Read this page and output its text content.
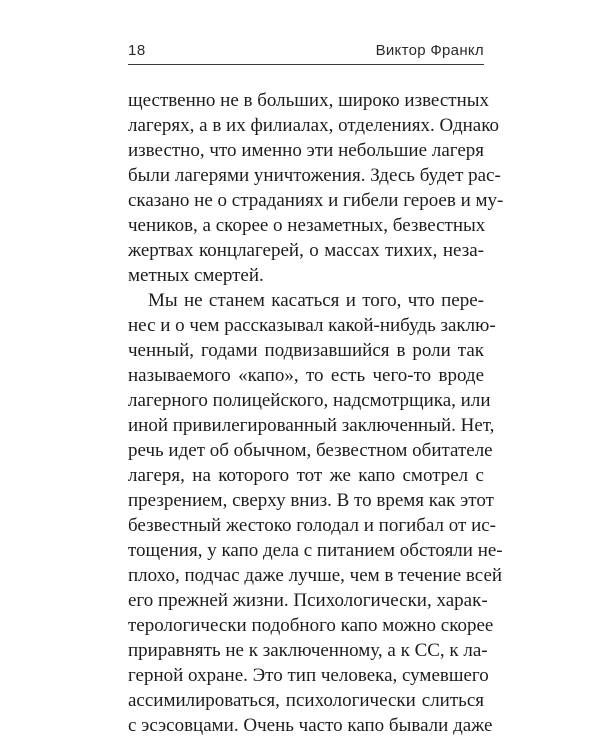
18	Виктор Франкл
щественно не в больших, широко известных
лагерях, а в их филиалах, отделениях. Однако
известно, что именно эти небольшие лагеря
были лагерями уничтожения. Здесь будет рас-
сказано не о страданиях и гибели героев и му-
чеников, а скорее о незаметных, безвестных
жертвах концлагерей, о массах тихих, неза-
метных смертей.
Мы не станем касаться и того, что пере-
нес и о чем рассказывал какой-нибудь заклю-
ченный, годами подвизавшийся в роли так
называемого «капо», то есть чего-то вроде
лагерного полицейского, надсмотрщика, или
иной привилегированный заключенный. Нет,
речь идет об обычном, безвестном обитателе
лагеря, на которого тот же капо смотрел с
презрением, сверху вниз. В то время как этот
безвестный жестоко голодал и погибал от ис-
тощения, у капо дела с питанием обстояли не-
плохо, подчас даже лучше, чем в течение всей
его прежней жизни. Психологически, харак-
терологически подобного капо можно скорее
приравнять не к заключенному, а к СС, к ла-
герной охране. Это тип человека, сумевшего
ассимилироваться, психологически слиться
с эсэсовцами. Очень часто капо бывали даже
